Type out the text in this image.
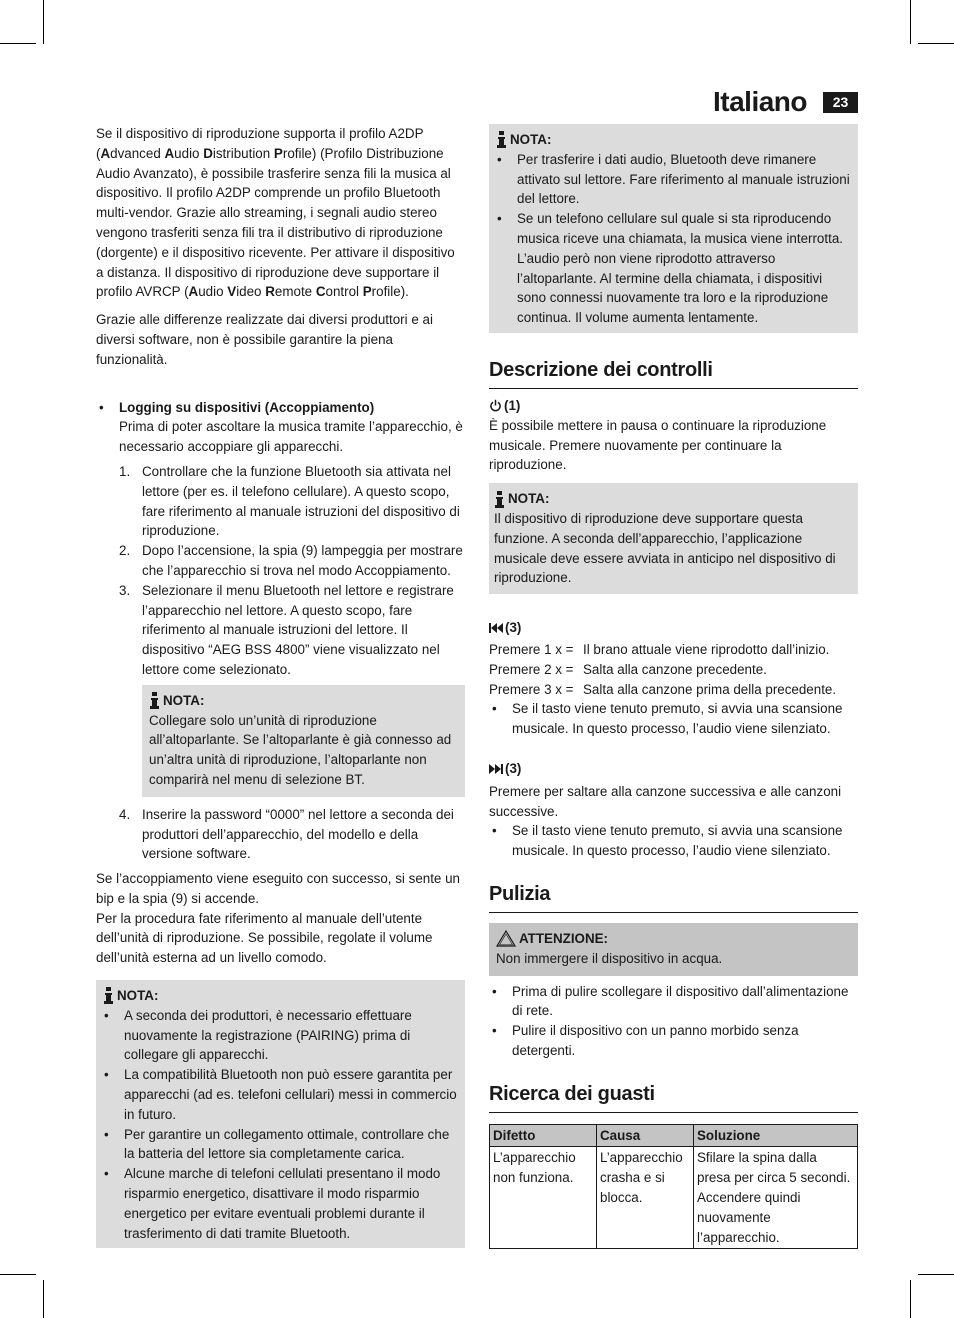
Italiano	23

Se il dispositivo di riproduzione supporta il profilo A2DP (Advanced Audio Distribution Profile) (Profilo Distribuzione Audio Avanzato), è possibile trasferire senza fili la musica al dispositivo. Il profilo A2DP comprende un profilo Bluetooth multi-vendor. Grazie allo streaming, i segnali audio stereo vengono trasferiti senza fili tra il distributivo di riproduzione (dorgente) e il dispositivo ricevente. Per attivare il dispositivo a distanza. Il dispositivo di riproduzione deve supportare il profilo AVRCP (Audio Video Remote Control Profile).

Grazie alle differenze realizzate dai diversi produttori e ai diversi software, non è possibile garantire la piena funzionalità.

• Logging su dispositivi (Accoppiamento)

Prima di poter ascoltare la musica tramite l’apparecchio, è necessario accoppiare gli apparecchi.

1. Controllare che la funzione Bluetooth sia attivata nel lettore (per es. il telefono cellulare). A questo scopo, fare riferimento al manuale istruzioni del dispositivo di riproduzione.
2. Dopo l’accensione, la spia (9) lampeggia per mostrare che l’apparecchio si trova nel modo Accoppiamento.
3. Selezionare il menu Bluetooth nel lettore e registrare l’apparecchio nel lettore. A questo scopo, fare riferimento al manuale istruzioni del lettore. Il dispositivo “AEG BSS 4800” viene visualizzato nel lettore come selezionato.
NOTA:

Collegare solo un’unità di riproduzione all’altoparlante. Se l’altoparlante è già connesso ad un’altra unità di riproduzione, l’altoparlante non comparirà nel menu di selezione BT.

4. Inserire la password “0000” nel lettore a seconda dei produttori dell’apparecchio, del modello e della versione software.

Se l’accoppiamento viene eseguito con successo, si sente un bip e la spia (9) si accende.

Per la procedura fate riferimento al manuale dell’utente dell’unità di riproduzione. Se possibile, regolate il volume dell’unità esterna ad un livello comodo.

NOTA:
• A seconda dei produttori, è necessario effettuare nuovamente la registrazione (PAIRING) prima di collegare gli apparecchi.
• La compatibilità Bluetooth non può essere garantita per apparecchi (ad es. telefoni cellulari) messi in commercio in futuro.
• Per garantire un collegamento ottimale, controllare che la batteria del lettore sia completamente carica.
• Alcune marche di telefoni cellulati presentano il modo risparmio energetico, disattivare il modo risparmio energetico per evitare eventuali problemi durante il trasferimento di dati tramite Bluetooth.
NOTA:
• Per trasferire i dati audio, Bluetooth deve rimanere attivato sul lettore. Fare riferimento al manuale istruzioni del lettore.
• Se un telefono cellulare sul quale si sta riproducendo musica riceve una chiamata, la musica viene interrotta. L’audio però non viene riprodotto attraverso l’altoparlante. Al termine della chiamata, i dispositivi sono connessi nuovamente tra loro e la riproduzione continua. Il volume aumenta lentamente.
Descrizione dei controlli
(1)

È possibile mettere in pausa o continuare la riproduzione musicale. Premere nuovamente per continuare la riproduzione.

NOTA:

Il dispositivo di riproduzione deve supportare questa funzione. A seconda dell’apparecchio, l’applicazione musicale deve essere avviata in anticipo nel dispositivo di riproduzione.

(3)
Premere 1 x = Il brano attuale viene riprodotto dall’inizio.
Premere 2 x = Salta alla canzone precedente.
Premere 3 x = Salta alla canzone prima della precedente.
• Se il tasto viene tenuto premuto, si avvia una scansione musicale. In questo processo, l’audio viene silenziato.
(3)

Premere per saltare alla canzone successiva e alle canzoni successive.

• Se il tasto viene tenuto premuto, si avvia una scansione musicale. In questo processo, l’audio viene silenziato.
Pulizia
ATTENZIONE:

Non immergere il dispositivo in acqua.

• Prima di pulire scollegare il dispositivo dall’alimentazione di rete.
• Pulire il dispositivo con un panno morbido senza detergenti.
Ricerca dei guasti
Difetto	Causa	Soluzione
L’apparecchio non funziona.	L’apparecchio crasha e si blocca.	Sfilare la spina dalla presa per circa 5 secondi. Accendere quindi nuovamente l’apparecchio.
